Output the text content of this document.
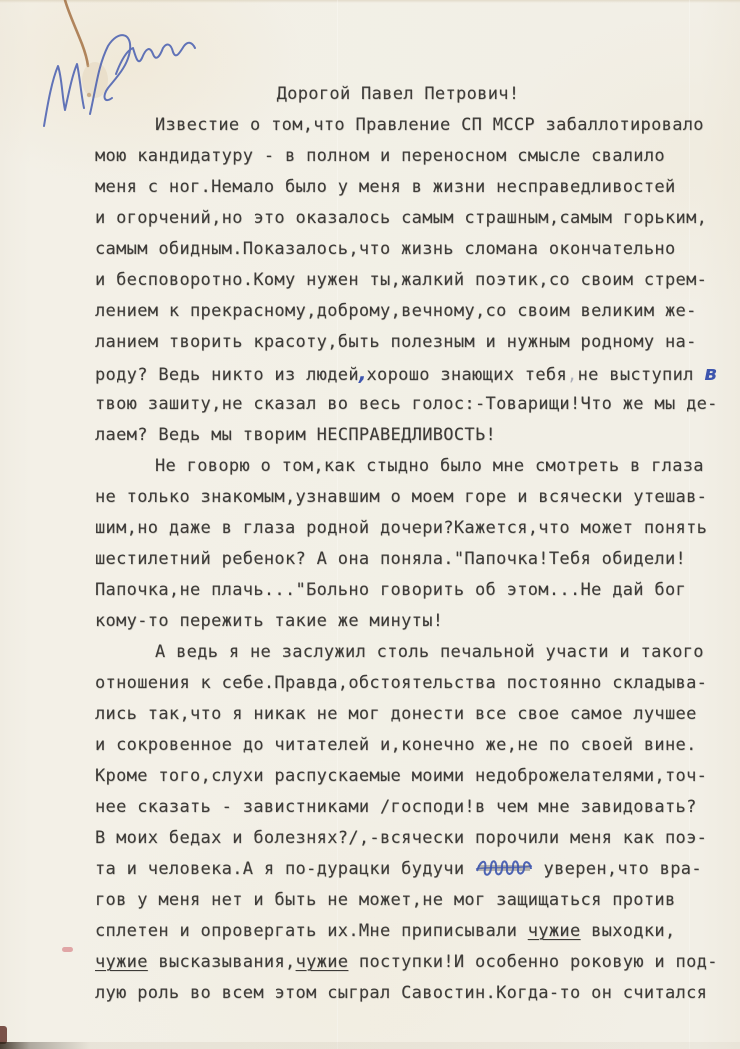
Дорогой Павел Петрович!
Известие о том,что Правление СП МССР забаллотировало
мою кандидатуру - в полном и переносном смысле свалило
меня с ног.Немало было у меня в жизни несправедливостей
и огорчений,но это оказалось самым страшным,самым горьким,
самым обидным.Показалось,что жизнь сломана окончательно
и бесповоротно.Кому нужен ты,жалкий поэтик,со своим стрем-
лением к прекрасному,доброму,вечному,со своим великим же-
ланием творить красоту,быть полезным и нужным родному на-
роду? Ведь никто из людей,хорошо знающих тебя,не выступил в
твою зашиту,не сказал во весь голос:-Товарищи!Что же мы де-
лаем? Ведь мы творим НЕСПРАВЕДЛИВОСТЬ!
Не говорю о том,как стыдно было мне смотреть в глаза
не только знакомым,узнавшим о моем горе и всячески утешав-
шим,но даже в глаза родной дочери?Кажется,что может понять
шестилетний ребенок? А она поняла."Папочка!Тебя обидели!
Папочка,не плачь..."Больно говорить об этом...Не дай бог
кому-то пережить такие же минуты!
А ведь я не заслужил столь печальной участи и такого
отношения к себе.Правда,обстоятельства постоянно складыва-
лись так,что я никак не мог донести все свое самое лучшее
и сокровенное до читателей и,конечно же,не по своей вине.
Кроме того,слухи распускаемые моими недоброжелателями,точ-
нее сказать - завистниками /господи!в чем мне завидовать?
В моих бедах и болезнях?/,-всячески порочили меня как поэ-
та и человека.А я по-дурацки будучи	уверен,что вра-
гов у меня нет и быть не может,не мог защищаться против
сплетен и опровергать их.Мне приписывали чужие выходки,
чужие высказывания,чужие поступки!И особенно роковую и под-
лую роль во всем этом сыграл Савостин.Когда-то он считался
